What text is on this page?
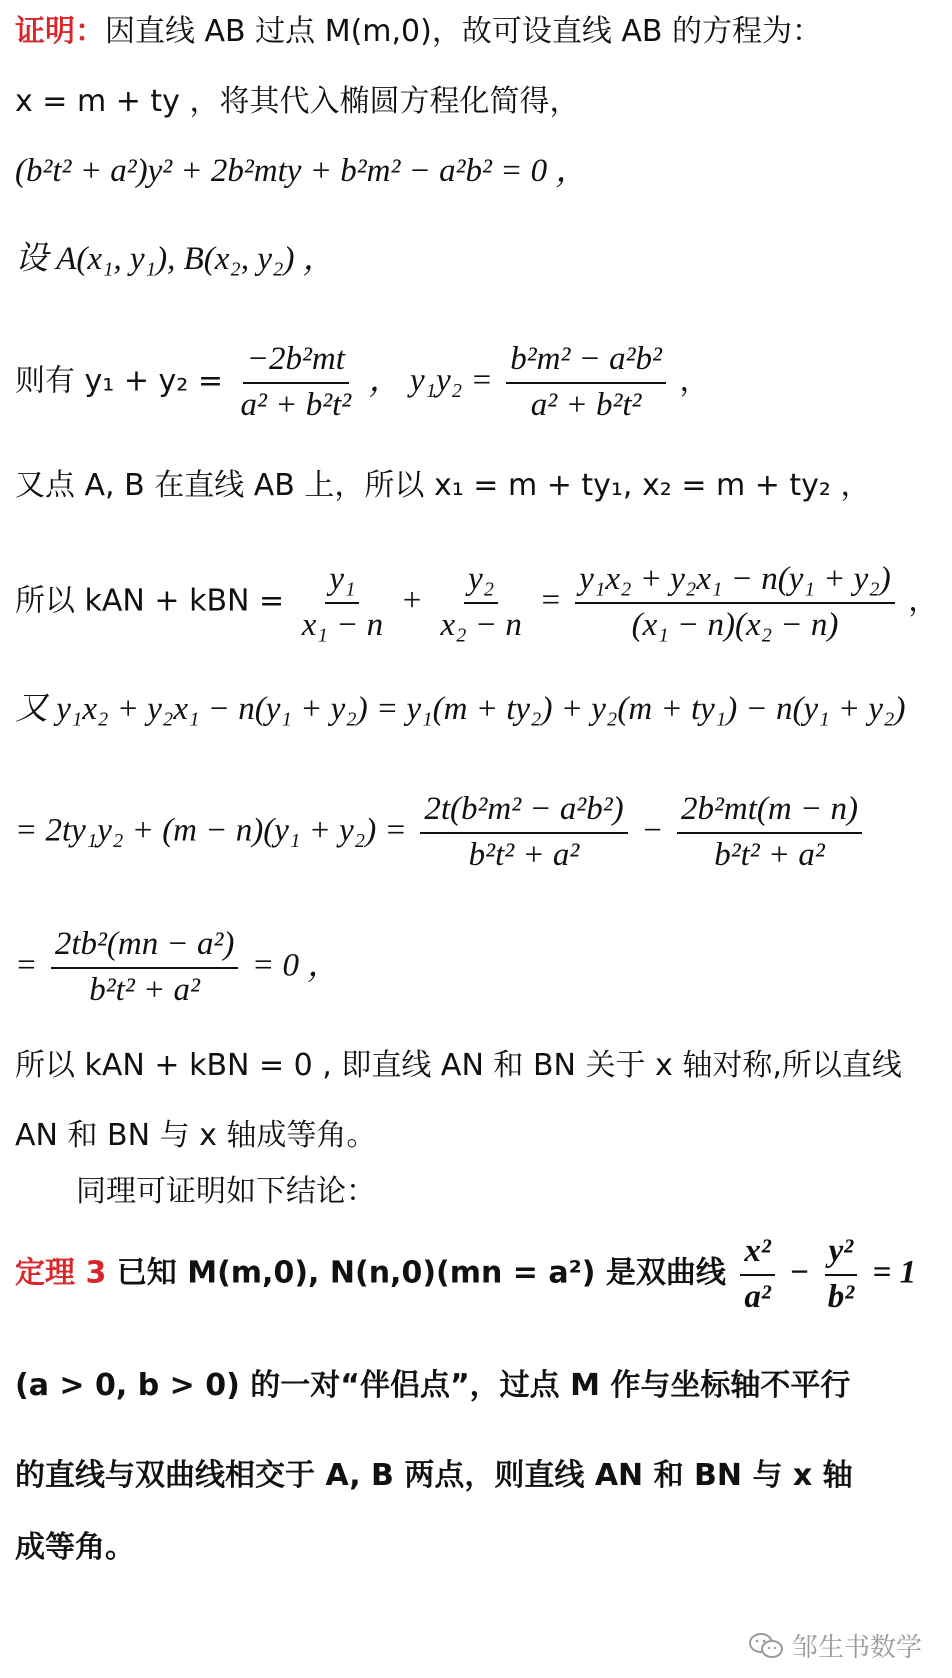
证明：因直线 AB 过点 M(m,0)，故可设直线 AB 的方程为：
x = m + ty ，将其代入椭圆方程化简得，
(b²t² + a²)y² + 2b²mty + b²m² − a²b² = 0 ，
设 A(x₁, y₁), B(x₂, y₂) ，
则有 $y_1 + y_2 = \frac{\text{−2b²mt}}{\text{a² + b²t²}}$ ， $y_1y_2 = \frac{\text{b²m² − a²b²}}{\text{a² + b²t²}}$ ，
又点 A, B 在直线 AB 上，所以 x₁ = m + ty₁, x₂ = m + ty₂ ，
所以 kAN + kBN = $\frac{\text{y₁}}{\text{x₁ − n}} + \frac{\text{y₂}}{\text{x₂ − n}} = \frac{\text{y₁x₂ + y₂x₁ − n(y₁ + y₂)}}{\text{(x₁ − n)(x₂ − n)}}$ ，
又 y₁x₂ + y₂x₁ − n(y₁ + y₂) = y₁(m + ty₂) + y₂(m + ty₁) − n(y₁ + y₂)
= $2ty_1y_2 + (m - n)(y_1 + y_2) = \frac{\text{2t(b²m² − a²b²)}}{\text{b²t² + a²}} - \frac{\text{2b²mt(m − n)}}{\text{b²t² + a²}}$
= $\frac{\text{2tb²(mn − a²)}}{\text{b²t² + a²}} = 0$ ，
所以 kAN + kBN = 0 , 即直线 AN 和 BN 关于 x 轴对称,所以直线
AN 和 BN 与 x 轴成等角。
同理可证明如下结论：
定理 3 已知 M(m,0), N(n,0)(mn = a²) 是双曲线 $\frac{\text{x²}}{\text{a²}} - \frac{\text{y²}}{\text{b²}} = 1$
(a > 0, b > 0) 的一对“伴侣点”，过点 M 作与坐标轴不平行
的直线与双曲线相交于 A, B 两点，则直线 AN 和 BN 与 x 轴
成等角。
邹生书数学
